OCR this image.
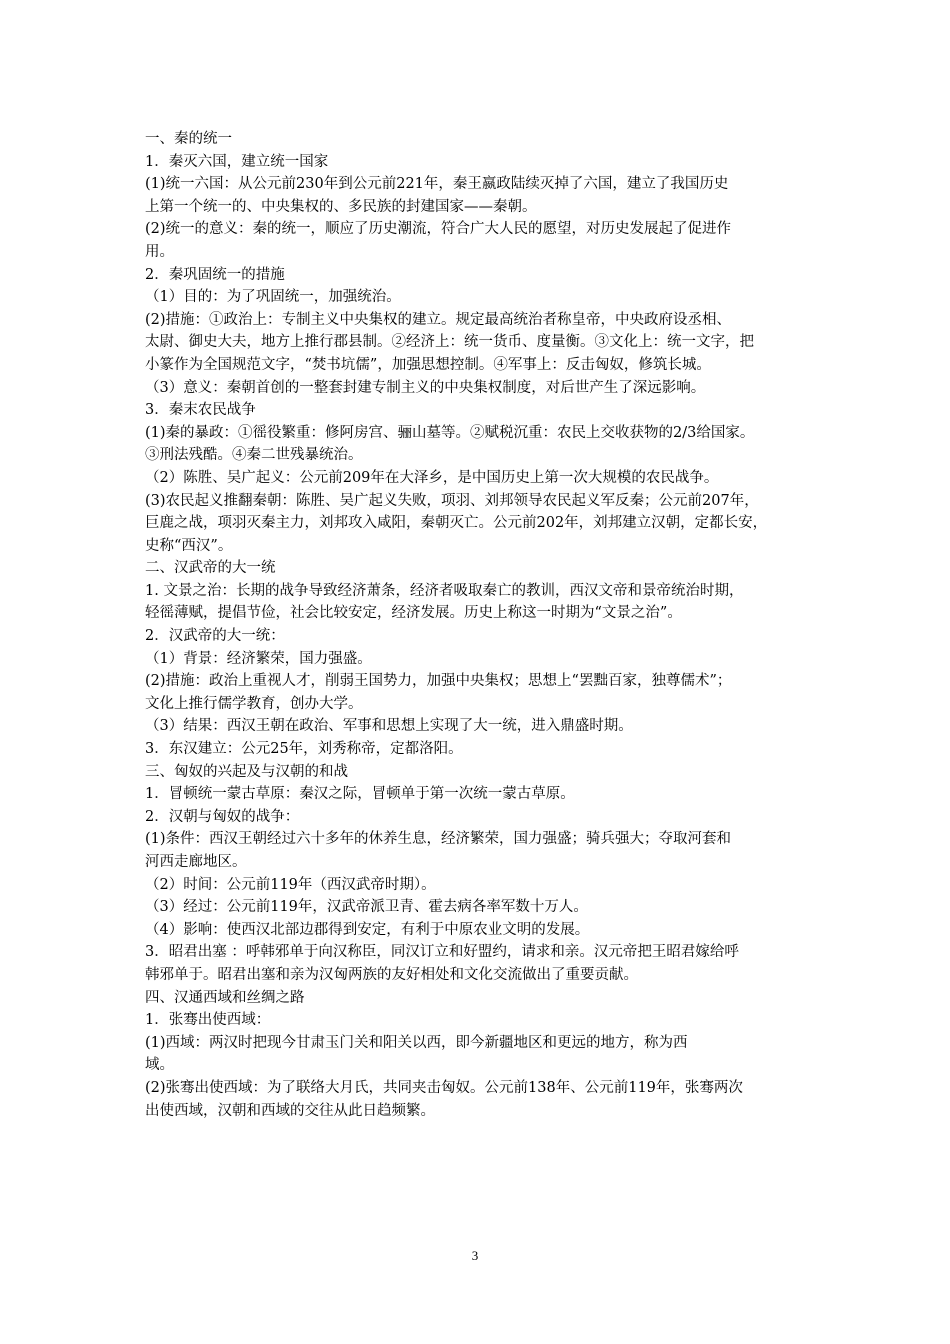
一、秦的统一
1．秦灭六国，建立统一国家
(1)统一六国：从公元前230年到公元前221年，秦王嬴政陆续灭掉了六国，建立了我国历史
上第一个统一的、中央集权的、多民族的封建国家——秦朝。
(2)统一的意义：秦的统一，顺应了历史潮流，符合广大人民的愿望，对历史发展起了促进作
用。
2．秦巩固统一的措施
（1）目的：为了巩固统一，加强统治。
(2)措施：①政治上：专制主义中央集权的建立。规定最高统治者称皇帝，中央政府设丞相、
太尉、御史大夫，地方上推行郡县制。②经济上：统一货币、度量衡。③文化上：统一文字，把
小篆作为全国规范文字，“焚书坑儒”，加强思想控制。④军事上：反击匈奴，修筑长城。
（3）意义：秦朝首创的一整套封建专制主义的中央集权制度，对后世产生了深远影响。
3．秦末农民战争
(1)秦的暴政：①徭役繁重：修阿房宫、骊山墓等。②赋税沉重：农民上交收获物的2/3给国家。
③刑法残酷。④秦二世残暴统治。
（2）陈胜、吴广起义：公元前209年在大泽乡，是中国历史上第一次大规模的农民战争。
(3)农民起义推翻秦朝：陈胜、吴广起义失败，项羽、刘邦领导农民起义军反秦；公元前207年，
巨鹿之战，项羽灭秦主力，刘邦攻入咸阳，秦朝灭亡。公元前202年，刘邦建立汉朝，定都长安，
史称“西汉”。
二、汉武帝的大一统
1. 文景之治：长期的战争导致经济萧条，经济者吸取秦亡的教训，西汉文帝和景帝统治时期，
轻徭薄赋，提倡节俭，社会比较安定，经济发展。历史上称这一时期为“文景之治”。
2．汉武帝的大一统：
（1）背景：经济繁荣，国力强盛。
(2)措施：政治上重视人才，削弱王国势力，加强中央集权；思想上“罢黜百家，独尊儒术”；
文化上推行儒学教育，创办大学。
（3）结果：西汉王朝在政治、军事和思想上实现了大一统，进入鼎盛时期。
3．东汉建立：公元25年，刘秀称帝，定都洛阳。
三、匈奴的兴起及与汉朝的和战
1．冒顿统一蒙古草原：秦汉之际，冒顿单于第一次统一蒙古草原。
2．汉朝与匈奴的战争：
(1)条件：西汉王朝经过六十多年的休养生息，经济繁荣，国力强盛；骑兵强大；夺取河套和
河西走廊地区。
（2）时间：公元前119年（西汉武帝时期）。
（3）经过：公元前119年，汉武帝派卫青、霍去病各率军数十万人。
（4）影响：使西汉北部边郡得到安定，有利于中原农业文明的发展。
3．昭君出塞 ：呼韩邪单于向汉称臣，同汉订立和好盟约，请求和亲。汉元帝把王昭君嫁给呼
韩邪单于。昭君出塞和亲为汉匈两族的友好相处和文化交流做出了重要贡献。
四、汉通西域和丝绸之路
1．张骞出使西域：
(1)西域：两汉时把现今甘肃玉门关和阳关以西，即今新疆地区和更远的地方，称为西
域。
(2)张骞出使西域：为了联络大月氏，共同夹击匈奴。公元前138年、公元前119年，张骞两次
出使西域，汉朝和西域的交往从此日趋频繁。
3
